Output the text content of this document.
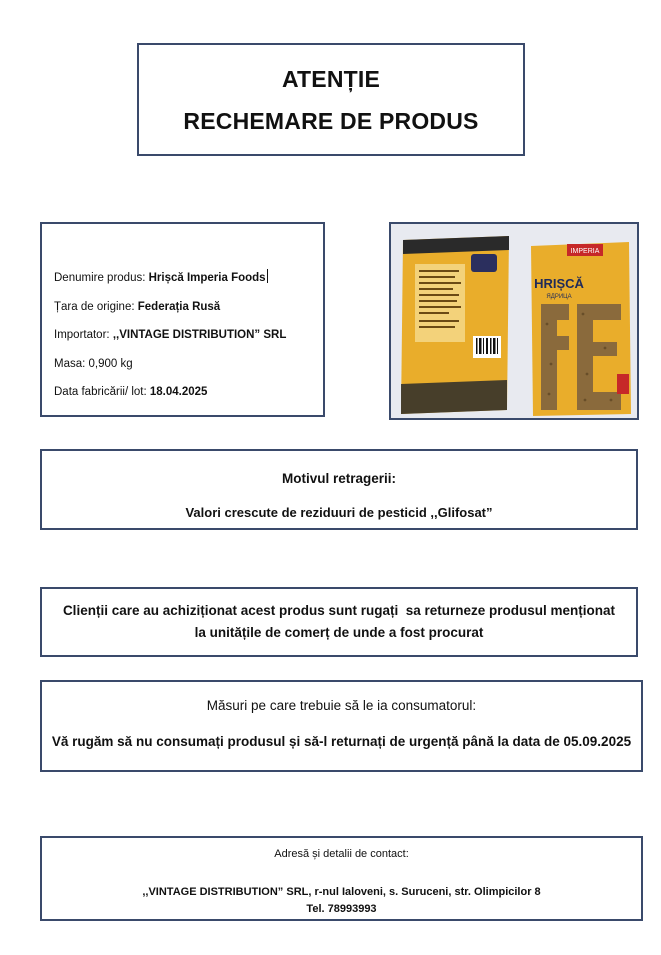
ATENȚIE
RECHEMARE DE PRODUS
Denumire produs: Hrișcă Imperia Foods
Țara de origine: Federația Rusă
Importator: ,,VINTAGE DISTRIBUTION” SRL
Masa: 0,900 kg
Data fabricării/ lot: 18.04.2025
IMPERIA
HRIȘCĂ
ЯДРИЦА
Motivul retragerii:
Valori crescute de reziduuri de pesticid ,,Glifosat”
Clienții care au achiziționat acest produs sunt rugați  sa returneze produsul menționat la unitățile de comerț de unde a fost procurat
Măsuri pe care trebuie să le ia consumatorul:
Vă rugăm să nu consumați produsul și să-l returnați de urgență până la data de 05.09.2025
Adresă și detalii de contact:
,,VINTAGE DISTRIBUTION” SRL, r-nul Ialoveni, s. Suruceni, str. Olimpicilor 8
Tel. 78993993
